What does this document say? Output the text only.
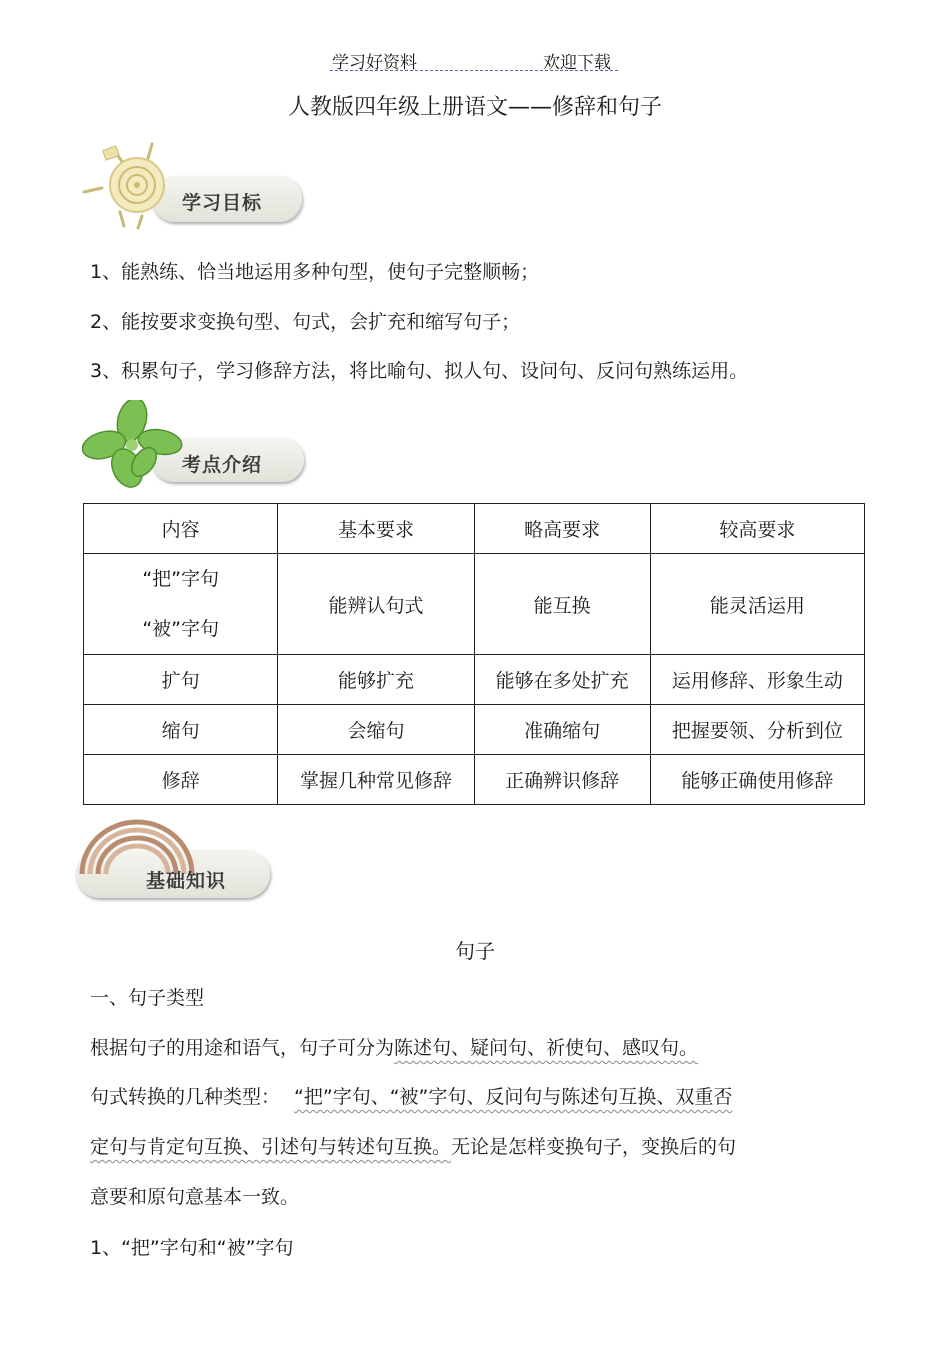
学习好资料	欢迎下载
人教版四年级上册语文——修辞和句子
学习目标
1、能熟练、恰当地运用多种句型，使句子完整顺畅；
2、能按要求变换句型、句式，会扩充和缩写句子；
3、积累句子，学习修辞方法，将比喻句、拟人句、设问句、反问句熟练运用。
考点介绍
内容	基本要求	略高要求	较高要求

“把”字句
“被”字句	能辨认句式	能互换	能灵活运用
扩句	能够扩充	能够在多处扩充	运用修辞、形象生动
缩句	会缩句	准确缩句	把握要领、分析到位
修辞	掌握几种常见修辞	正确辨识修辞	能够正确使用修辞
基础知识
句子
一、句子类型
根据句子的用途和语气，句子可分为陈述句、疑问句、祈使句、感叹句。
句式转换的几种类型： “把”字句、“被”字句、反问句与陈述句互换、双重否
定句与肯定句互换、引述句与转述句互换。无论是怎样变换句子，变换后的句
意要和原句意基本一致。
1、“把”字句和“被”字句
